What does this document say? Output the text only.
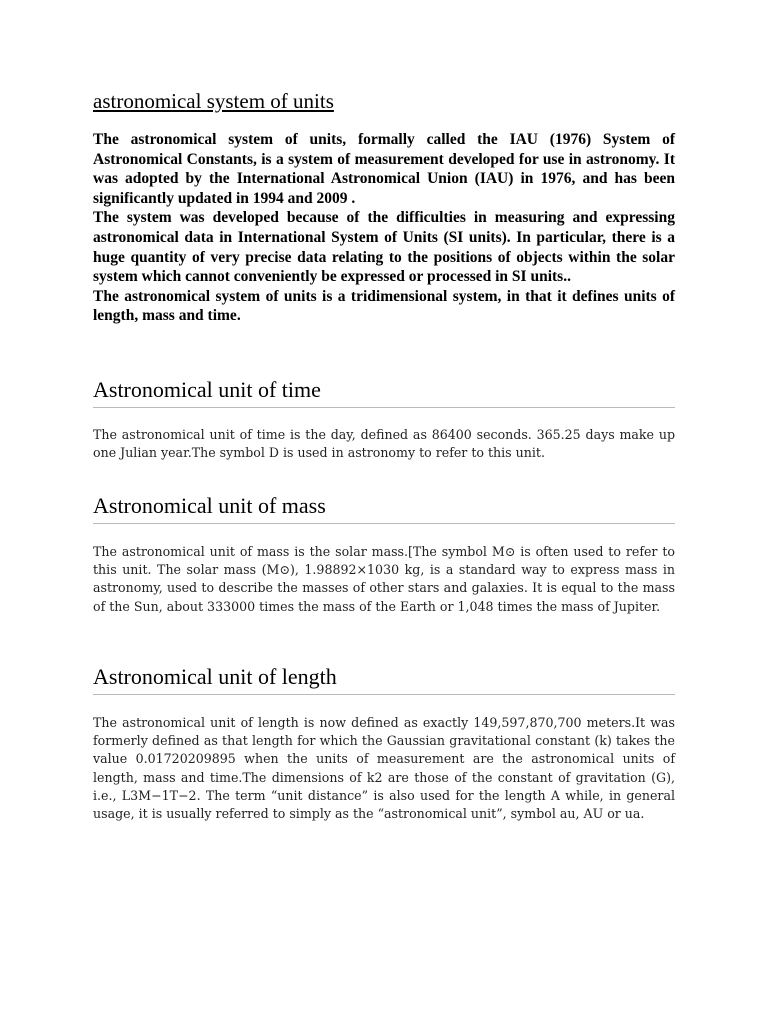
astronomical system of units

The astronomical system of units, formally called the IAU (1976) System of Astronomical Constants, is a system of measurement developed for use in astronomy. It was adopted by the International Astronomical Union (IAU) in 1976, and has been significantly updated in 1994 and 2009 .

The system was developed because of the difficulties in measuring and expressing astronomical data in International System of Units (SI units). In particular, there is a huge quantity of very precise data relating to the positions of objects within the solar system which cannot conveniently be expressed or processed in SI units..

The astronomical system of units is a tridimensional system, in that it defines units of length, mass and time.

Astronomical unit of time
The astronomical unit of time is the day, defined as 86400 seconds. 365.25 days make up one Julian year.The symbol D is used in astronomy to refer to this unit.
Astronomical unit of mass
The astronomical unit of mass is the solar mass.[The symbol M⊙ is often used to refer to this unit. The solar mass (M⊙), 1.98892×1030 kg, is a standard way to express mass in astronomy, used to describe the masses of other stars and galaxies. It is equal to the mass of the Sun, about 333000 times the mass of the Earth or 1,048 times the mass of Jupiter.
Astronomical unit of length
The astronomical unit of length is now defined as exactly 149,597,870,700 meters.It was formerly defined as that length for which the Gaussian gravitational constant (k) takes the value 0.01720209895 when the units of measurement are the astronomical units of length, mass and time.The dimensions of k2 are those of the constant of gravitation (G), i.e., L3M−1T−2. The term “unit distance” is also used for the length A while, in general usage, it is usually referred to simply as the “astronomical unit”, symbol au, AU or ua.
